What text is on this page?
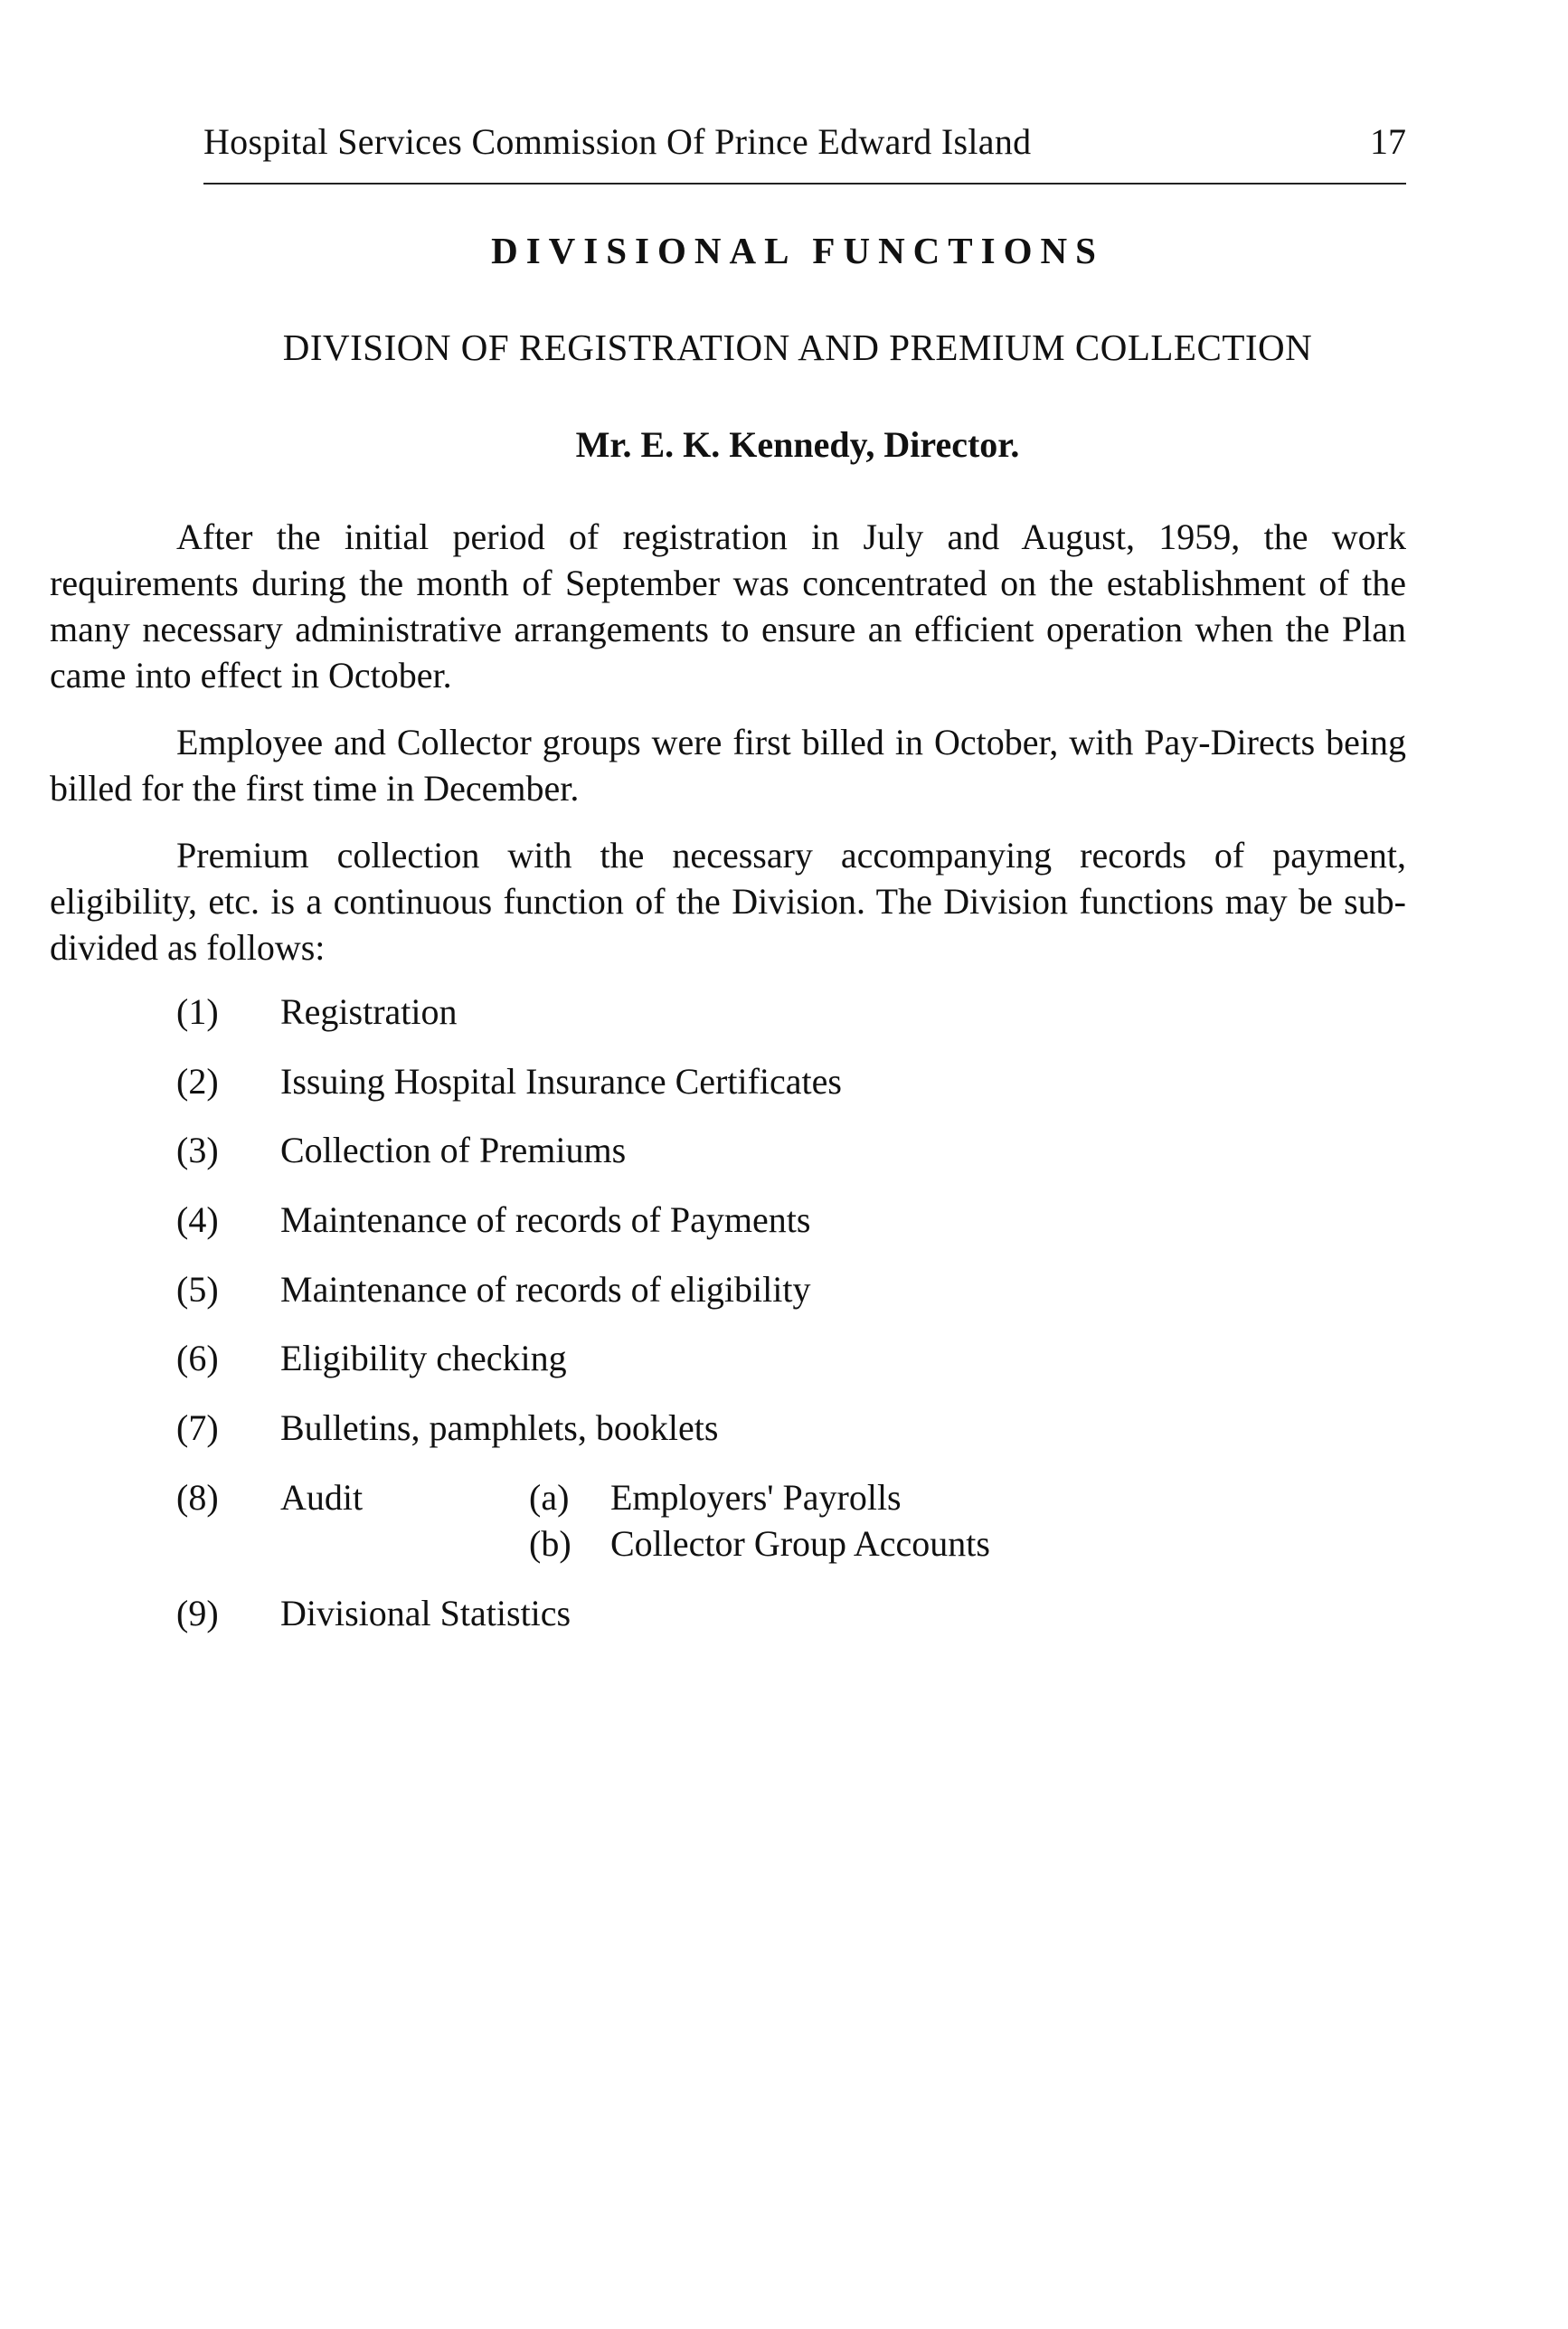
Hospital Services Commission Of Prince Edward Island	17
DIVISIONAL FUNCTIONS
DIVISION OF REGISTRATION AND PREMIUM COLLECTION
Mr. E. K. Kennedy, Director.

After the initial period of registration in July and August, 1959, the work requirements during the month of September was concentrated on the establishment of the many necessary administrative arrangements to ensure an efficient operation when the Plan came into effect in October.

Employee and Collector groups were first billed in October, with Pay-Directs being billed for the first time in December.

Premium collection with the necessary accompanying records of payment, eligibility, etc. is a continuous function of the Division. The Division functions may be sub-divided as follows:

(1)	Registration
(2)	Issuing Hospital Insurance Certificates
(3)	Collection of Premiums
(4)	Maintenance of records of Payments
(5)	Maintenance of records of eligibility
(6)	Eligibility checking
(7)	Bulletins, pamphlets, booklets
(8)	Audit	(a) Employers' Payrolls
(b) Collector Group Accounts
(9)	Divisional Statistics
